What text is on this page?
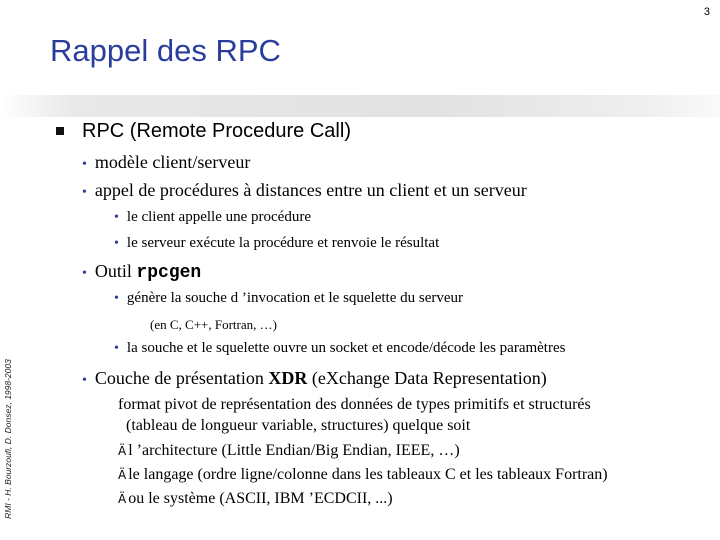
3
Rappel des RPC
RMI - H. Bourzoufi, D. Donsez, 1998-2003
RPC (Remote Procedure Call)
• modèle client/serveur
• appel de procédures à distances entre un client et un serveur
• le client appelle une procédure
• le serveur exécute la procédure et renvoie le résultat
• Outil rpcgen
• génère la souche d ’invocation et le squelette du serveur
(en C, C++, Fortran, …)
• la souche et le squelette ouvre un socket et encode/décode les paramètres
• Couche de présentation XDR (eXchange Data Representation)
format pivot de représentation des données de types primitifs et structurés
(tableau de longueur variable, structures) quelque soit
Ä l ’architecture (Little Endian/Big Endian, IEEE, …)
Ä le langage (ordre ligne/colonne dans les tableaux C et les tableaux Fortran)
Ä ou le système (ASCII, IBM ’ECDCII, ...)
